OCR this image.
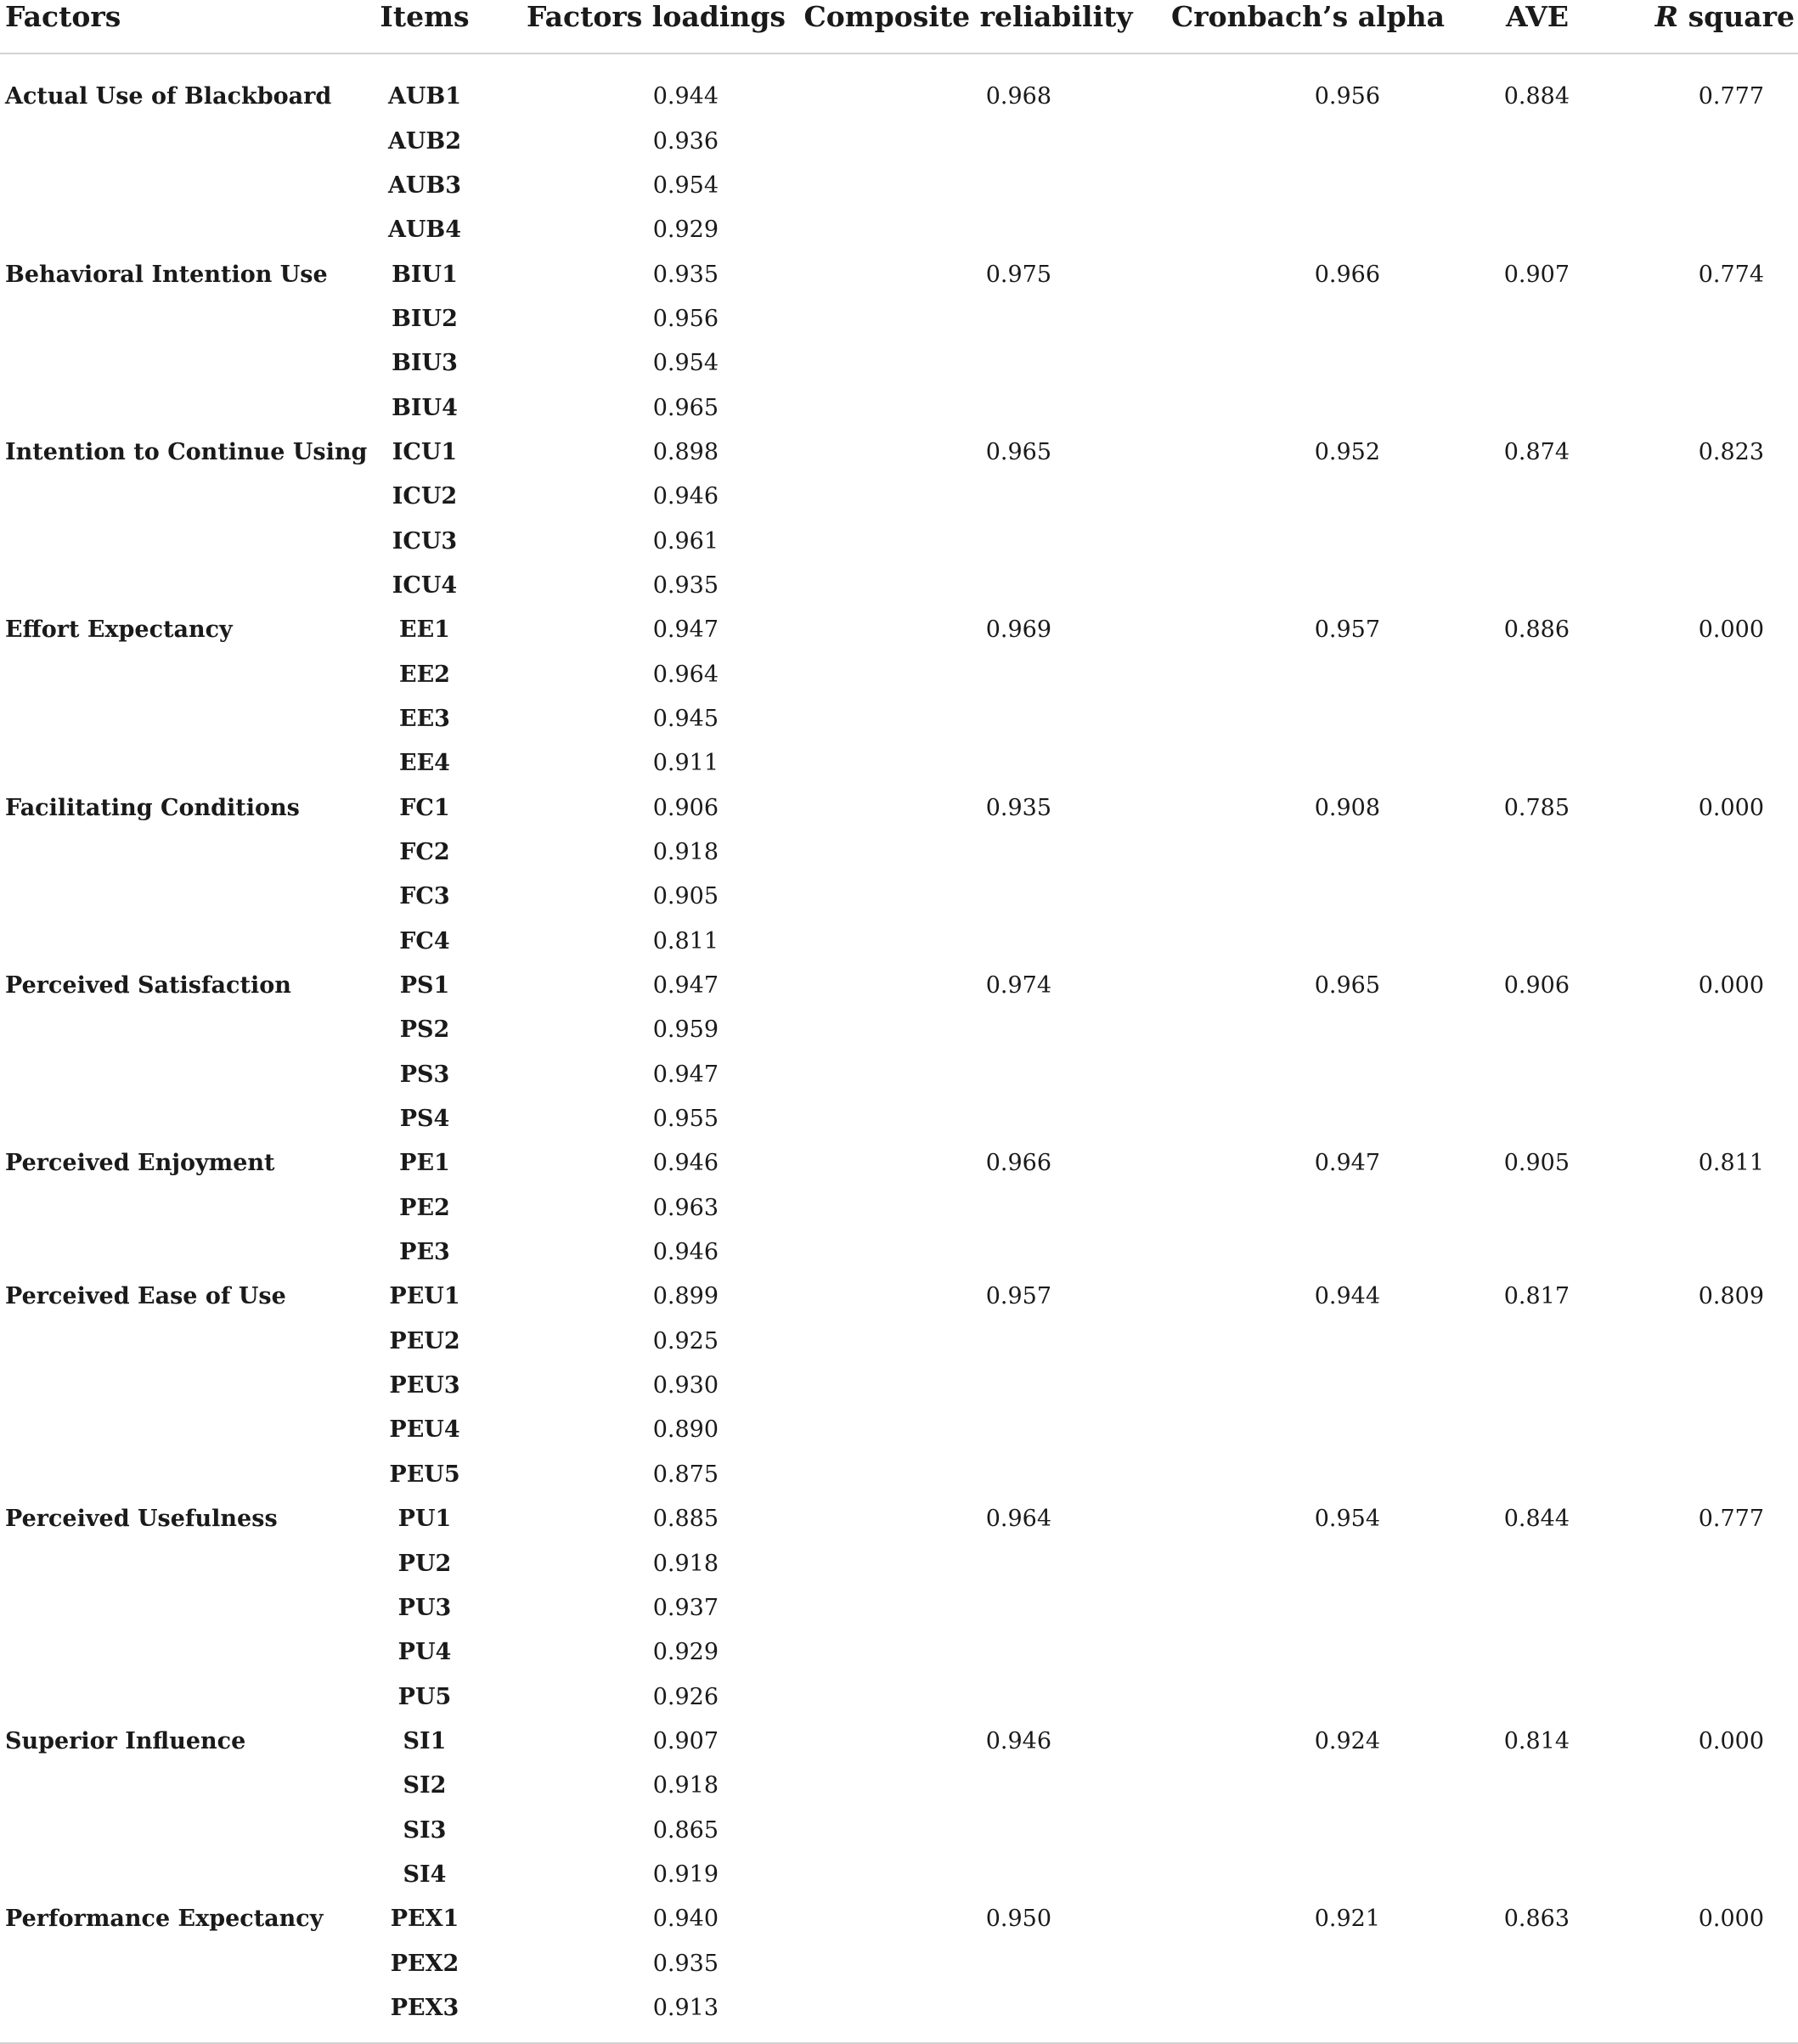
Factors	Items	Factors loadings	Composite reliability	Cronbach’s alpha	AVE	R square
Actual Use of Blackboard	AUB1	0.944	0.968	0.956	0.884	0.777
	AUB2	0.936				
	AUB3	0.954				
	AUB4	0.929				
Behavioral Intention Use	BIU1	0.935	0.975	0.966	0.907	0.774
	BIU2	0.956				
	BIU3	0.954				
	BIU4	0.965				
Intention to Continue Using	ICU1	0.898	0.965	0.952	0.874	0.823
	ICU2	0.946				
	ICU3	0.961				
	ICU4	0.935				
Effort Expectancy	EE1	0.947	0.969	0.957	0.886	0.000
	EE2	0.964				
	EE3	0.945				
	EE4	0.911				
Facilitating Conditions	FC1	0.906	0.935	0.908	0.785	0.000
	FC2	0.918				
	FC3	0.905				
	FC4	0.811				
Perceived Satisfaction	PS1	0.947	0.974	0.965	0.906	0.000
	PS2	0.959				
	PS3	0.947				
	PS4	0.955				
Perceived Enjoyment	PE1	0.946	0.966	0.947	0.905	0.811
	PE2	0.963				
	PE3	0.946				
Perceived Ease of Use	PEU1	0.899	0.957	0.944	0.817	0.809
	PEU2	0.925				
	PEU3	0.930				
	PEU4	0.890				
	PEU5	0.875				
Perceived Usefulness	PU1	0.885	0.964	0.954	0.844	0.777
	PU2	0.918				
	PU3	0.937				
	PU4	0.929				
	PU5	0.926				
Superior Influence	SI1	0.907	0.946	0.924	0.814	0.000
	SI2	0.918				
	SI3	0.865				
	SI4	0.919				
Performance Expectancy	PEX1	0.940	0.950	0.921	0.863	0.000
	PEX2	0.935				
	PEX3	0.913				
